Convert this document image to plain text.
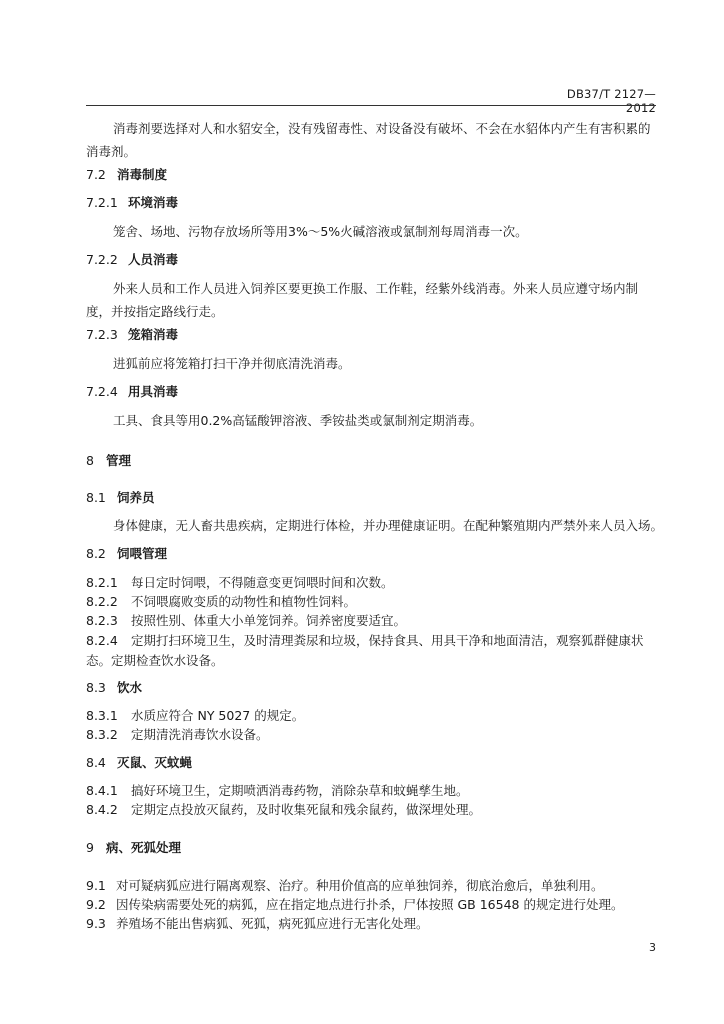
DB37/T 2127—2012
消毒剂要选择对人和水貂安全，没有残留毒性、对设备没有破坏、不会在水貂体内产生有害积累的消毒剂。
7.2 消毒制度
7.2.1 环境消毒
笼舍、场地、污物存放场所等用3%～5%火碱溶液或氯制剂每周消毒一次。
7.2.2 人员消毒
外来人员和工作人员进入饲养区要更换工作服、工作鞋，经紫外线消毒。外来人员应遵守场内制度，并按指定路线行走。
7.2.3 笼箱消毒
进狐前应将笼箱打扫干净并彻底清洗消毒。
7.2.4 用具消毒
工具、食具等用0.2%高锰酸钾溶液、季铵盐类或氯制剂定期消毒。
8 管理
8.1 饲养员
身体健康，无人畜共患疾病，定期进行体检，并办理健康证明。在配种繁殖期内严禁外来人员入场。
8.2 饲喂管理
8.2.1 每日定时饲喂，不得随意变更饲喂时间和次数。
8.2.2 不饲喂腐败变质的动物性和植物性饲料。
8.2.3 按照性别、体重大小单笼饲养。饲养密度要适宜。
8.2.4 定期打扫环境卫生，及时清理粪尿和垃圾，保持食具、用具干净和地面清洁，观察狐群健康状态。定期检查饮水设备。
8.3 饮水
8.3.1 水质应符合 NY 5027 的规定。
8.3.2 定期清洗消毒饮水设备。
8.4 灭鼠、灭蚊蝇
8.4.1 搞好环境卫生，定期喷洒消毒药物，消除杂草和蚊蝇孳生地。
8.4.2 定期定点投放灭鼠药，及时收集死鼠和残余鼠药，做深埋处理。
9 病、死狐处理
9.1 对可疑病狐应进行隔离观察、治疗。种用价值高的应单独饲养，彻底治愈后，单独利用。
9.2 因传染病需要处死的病狐，应在指定地点进行扑杀，尸体按照 GB 16548 的规定进行处理。
9.3 养殖场不能出售病狐、死狐，病死狐应进行无害化处理。
3
